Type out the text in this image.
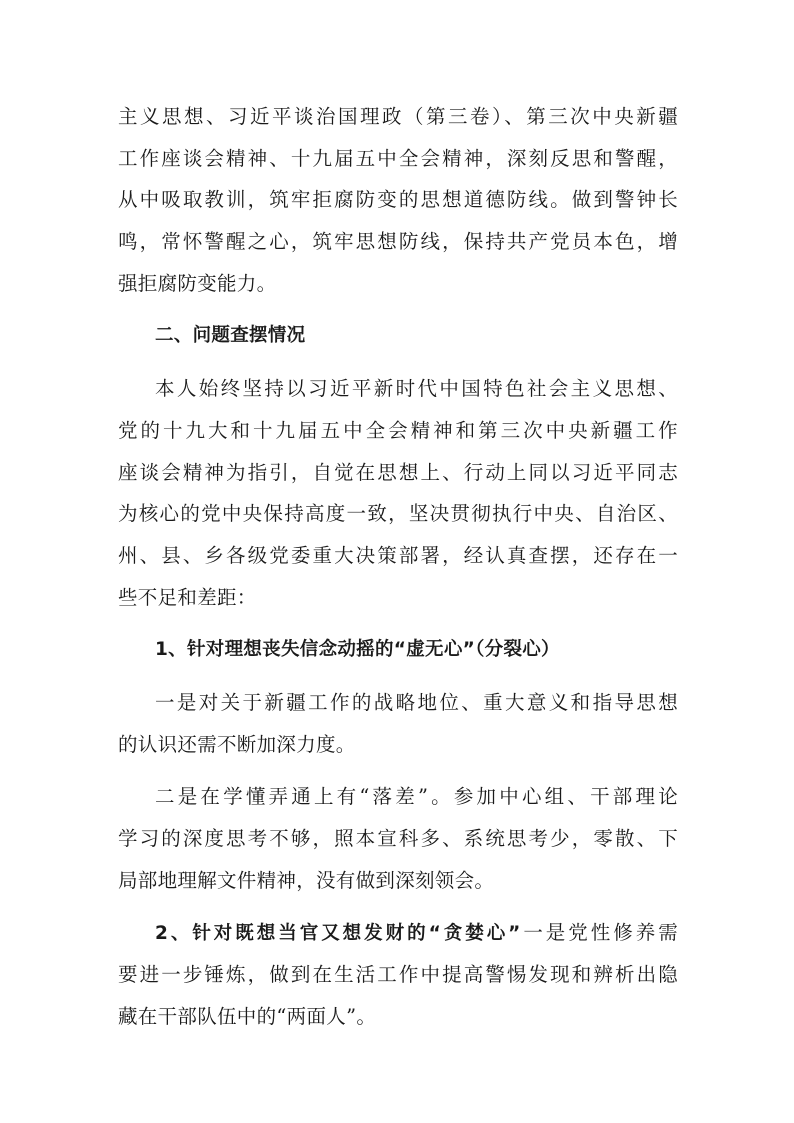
主义思想、习近平谈治国理政（第三卷）、第三次中央新疆
工作座谈会精神、十九届五中全会精神，深刻反思和警醒，
从中吸取教训，筑牢拒腐防变的思想道德防线。做到警钟长
鸣，常怀警醒之心，筑牢思想防线，保持共产党员本色，增
强拒腐防变能力。
二、问题查摆情况
本人始终坚持以习近平新时代中国特色社会主义思想、
党的十九大和十九届五中全会精神和第三次中央新疆工作
座谈会精神为指引，自觉在思想上、行动上同以习近平同志
为核心的党中央保持高度一致，坚决贯彻执行中央、自治区、
州、县、乡各级党委重大决策部署，经认真查摆，还存在一
些不足和差距：
1、针对理想丧失信念动摇的“虚无心”（分裂心）
一是对关于新疆工作的战略地位、重大意义和指导思想
的认识还需不断加深力度。
二是在学懂弄通上有“落差”。参加中心组、干部理论
学习的深度思考不够，照本宣科多、系统思考少，零散、下
局部地理解文件精神，没有做到深刻领会。
2、针对既想当官又想发财的“贪婪心”一是党性修养需
要进一步锤炼，做到在生活工作中提高警惕发现和辨析出隐
藏在干部队伍中的“两面人”。
